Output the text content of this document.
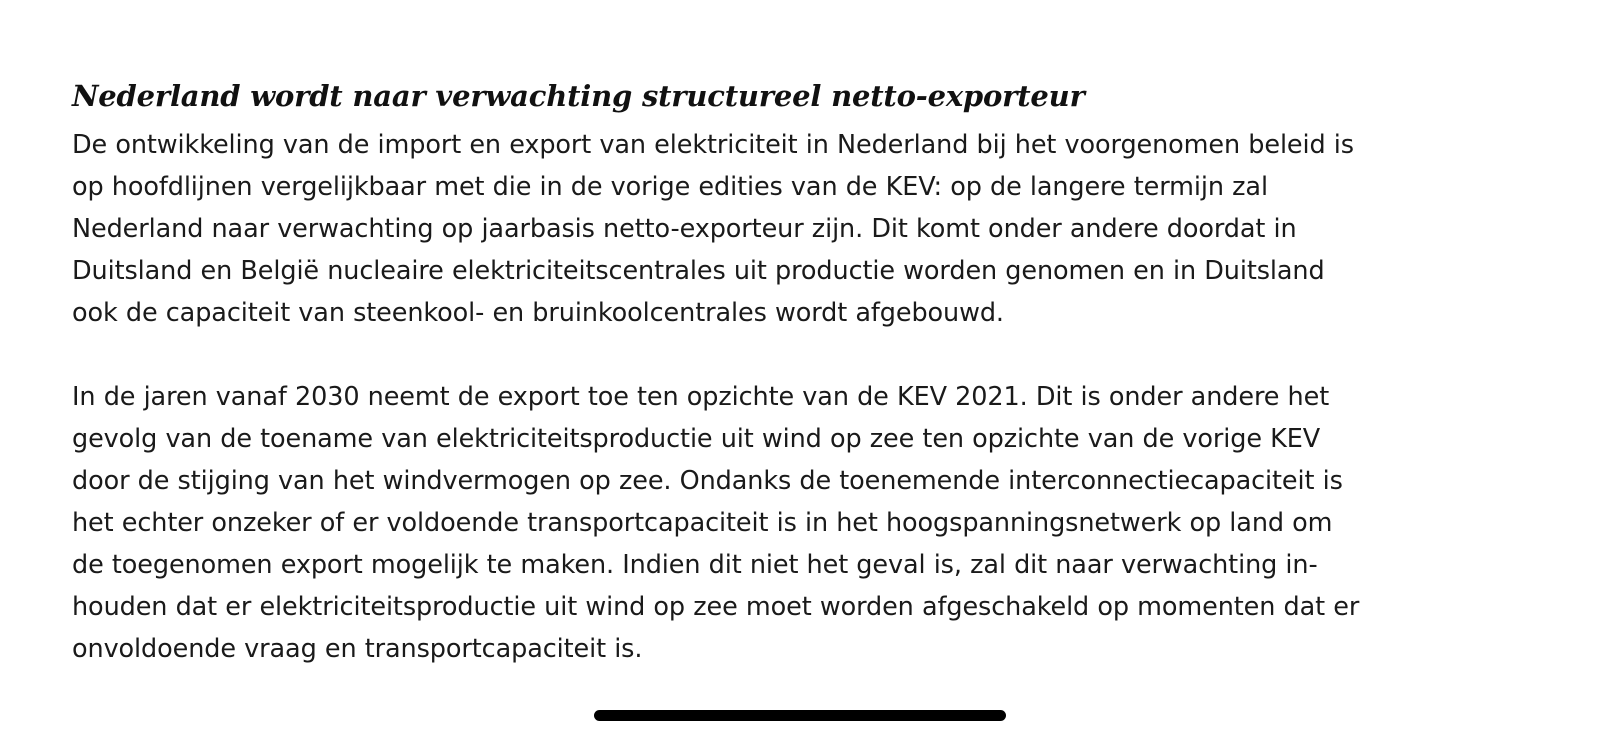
Nederland wordt naar verwachting structureel netto-exporteur

De ontwikkeling van de import en export van elektriciteit in Nederland bij het voorgenomen beleid is op hoofdlijnen vergelijkbaar met die in de vorige edities van de KEV: op de langere termijn zal Nederland naar verwachting op jaarbasis netto-exporteur zijn. Dit komt onder andere doordat in Duitsland en België nucleaire elektriciteitscentrales uit productie worden genomen en in Duitsland ook de capaciteit van steenkool- en bruinkoolcentrales wordt afgebouwd.

In de jaren vanaf 2030 neemt de export toe ten opzichte van de KEV 2021. Dit is onder andere het gevolg van de toename van elektriciteitsproductie uit wind op zee ten opzichte van de vorige KEV door de stijging van het windvermogen op zee. Ondanks de toenemende interconnectiecapaciteit is het echter onzeker of er voldoende transportcapaciteit is in het hoogspanningsnetwerk op land om de toegenomen export mogelijk te maken. Indien dit niet het geval is, zal dit naar verwachting in-houden dat er elektriciteitsproductie uit wind op zee moet worden afgeschakeld op momenten dat er onvoldoende vraag en transportcapaciteit is.
